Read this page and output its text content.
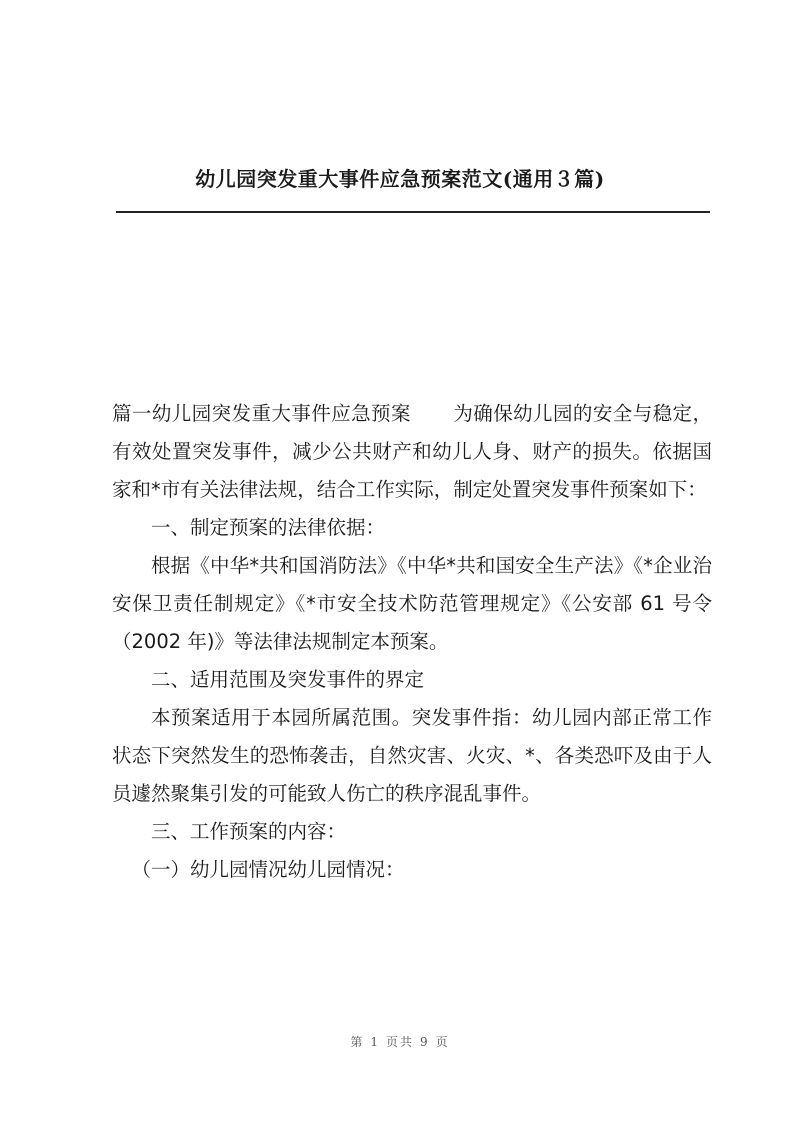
幼儿园突发重大事件应急预案范文(通用３篇)

篇一幼儿园突发重大事件应急预案 为确保幼儿园的安全与稳定，有效处置突发事件，减少公共财产和幼儿人身、财产的损失。依据国家和*市有关法律法规，结合工作实际，制定处置突发事件预案如下：

一、制定预案的法律依据：

根据《中华*共和国消防法》《中华*共和国安全生产法》《*企业治安保卫责任制规定》《*市安全技术防范管理规定》《公安部 61 号令（2002 年)》等法律法规制定本预案。

二、适用范围及突发事件的界定

本预案适用于本园所属范围。突发事件指：幼儿园内部正常工作状态下突然发生的恐怖袭击，自然灾害、火灾、*、各类恐吓及由于人员遽然聚集引发的可能致人伤亡的秩序混乱事件。

三、工作预案的内容：

（一）幼儿园情况幼儿园情况：

第 1 页共 9 页
